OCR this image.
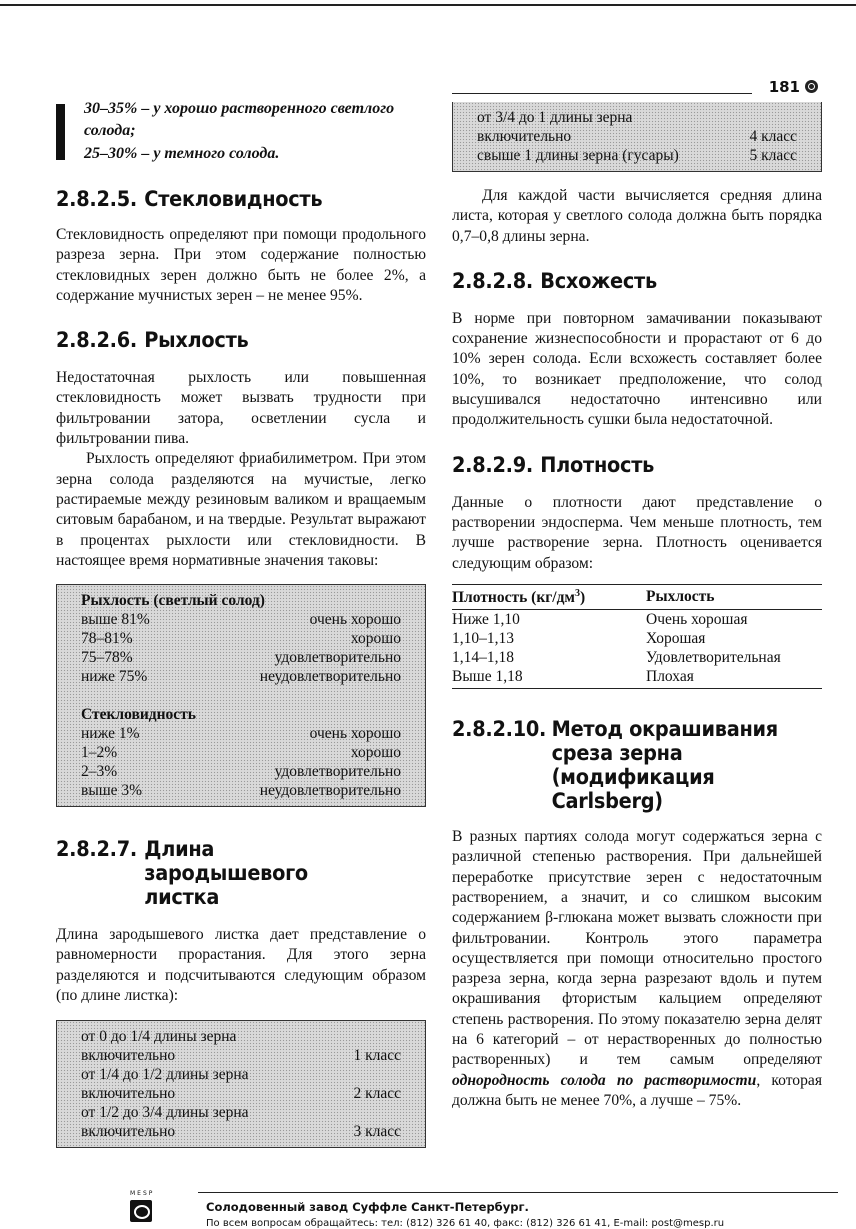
181
30–35% – у хорошо растворенного светлого солода;
25–30% – у темного солода.
2.8.2.5. Стекловидность

Стекловидность определяют при помощи продольного разреза зерна. При этом содержание полностью стекловидных зерен должно быть не более 2%, а содержание мучнистых зерен – не менее 95%.

2.8.2.6. Рыхлость

Недостаточная рыхлость или повышенная стекловидность может вызвать трудности при фильтровании затора, осветлении сусла и фильтровании пива.

Рыхлость определяют фриабилиметром. При этом зерна солода разделяются на мучистые, легко растираемые между резиновым валиком и вращаемым ситовым барабаном, и на твердые. Результат выражают в процентах рыхлости или стекловидности. В настоящее время нормативные значения таковы:

Рыхлость (светлый солод)
выше 81%	очень хорошо
78–81%	хорошо
75–78%	удовлетворительно
ниже 75%	неудовлетворительно
Стекловидность
ниже 1%	очень хорошо
1–2%	хорошо
2–3%	удовлетворительно
выше 3%	неудовлетворительно
2.8.2.7. Длина зародышевого листка

Длина зародышевого листка дает представление о равномерности прорастания. Для этого зерна разделяются и подсчитываются следующим образом (по длине листка):

от 0 до 1/4 длины зерна включительно	1 класс
от 1/4 до 1/2 длины зерна включительно	2 класс
от 1/2 до 3/4 длины зерна включительно	3 класс
от 3/4 до 1 длины зерна включительно	4 класс
свыше 1 длины зерна (гусары)	5 класс

Для каждой части вычисляется средняя длина листа, которая у светлого солода должна быть порядка 0,7–0,8 длины зерна.

2.8.2.8. Всхожесть

В норме при повторном замачивании показывают сохранение жизнеспособности и прорастают от 6 до 10% зерен солода. Если всхожесть составляет более 10%, то возникает предположение, что солод высушивался недостаточно интенсивно или продолжительность сушки была недостаточной.

2.8.2.9. Плотность

Данные о плотности дают представление о растворении эндосперма. Чем меньше плотность, тем лучше растворение зерна. Плотность оценивается следующим образом:

Плотность $(кг/дм^3)$	Рыхлость
Ниже 1,10	Очень хорошая
1,10–1,13	Хорошая
1,14–1,18	Удовлетворительная
Выше 1,18	Плохая
2.8.2.10. Метод окрашивания
среза зерна
(модификация Carlsberg)

В разных партиях солода могут содержаться зерна с различной степенью растворения. При дальнейшей переработке присутствие зерен с недостаточным растворением, а значит, и со слишком высоким содержанием β-глюкана может вызвать сложности при фильтровании. Контроль этого параметра осуществляется при помощи относительно простого разреза зерна, когда зерна разрезают вдоль и путем окрашивания фтористым кальцием определяют степень растворения. По этому показателю зерна делят на 6 категорий – от нерастворенных до полностью растворенных) и тем самым определяют однородность солода по растворимости, которая должна быть не менее 70%, а лучше – 75%.

MESP
Солодовенный завод Суффле Санкт-Петербург.
По всем вопросам обращайтесь: тел: (812) 326 61 40, факс: (812) 326 61 41, E-mail: post@mesp.ru
